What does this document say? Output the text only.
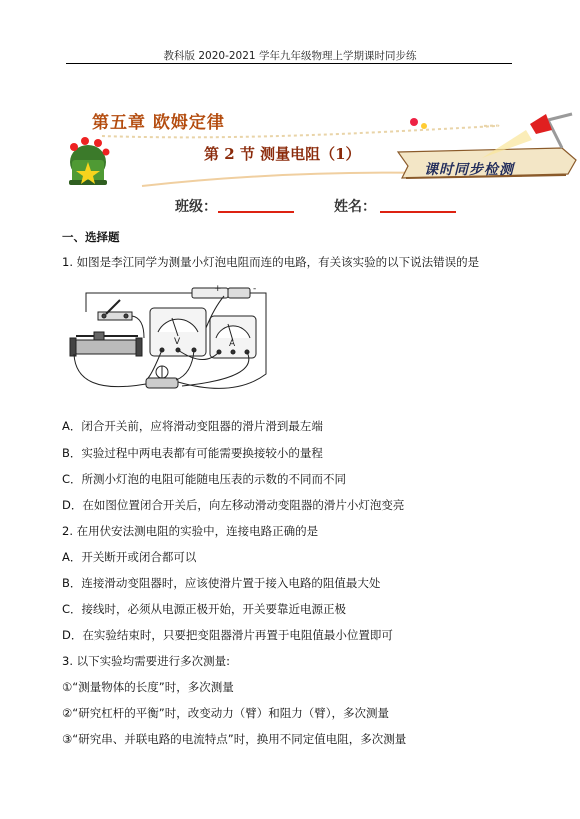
教科版 2020-2021 学年九年级物理上学期课时同步练
第五章 欧姆定律
第 2 节 测量电阻（1）
课时同步检测
班级：	姓名：
一、选择题
1. 如图是李江同学为测量小灯泡电阻而连的电路，有关该实验的以下说法错误的是
+	-
V	A
A．闭合开关前，应将滑动变阻器的滑片滑到最左端
B．实验过程中两电表都有可能需要换接较小的量程
C．所测小灯泡的电阻可能随电压表的示数的不同而不同
D．在如图位置闭合开关后，向左移动滑动变阻器的滑片小灯泡变亮
2. 在用伏安法测电阻的实验中，连接电路正确的是
A．开关断开或闭合都可以
B．连接滑动变阻器时，应该使滑片置于接入电路的阻值最大处
C．接线时，必须从电源正极开始，开关要靠近电源正极
D．在实验结束时，只要把变阻器滑片再置于电阻值最小位置即可
3. 以下实验均需要进行多次测量:
①“测量物体的长度”时，多次测量
②“研究杠杆的平衡”时，改变动力（臂）和阻力（臂），多次测量
③“研究串、并联电路的电流特点”时，换用不同定值电阻，多次测量
